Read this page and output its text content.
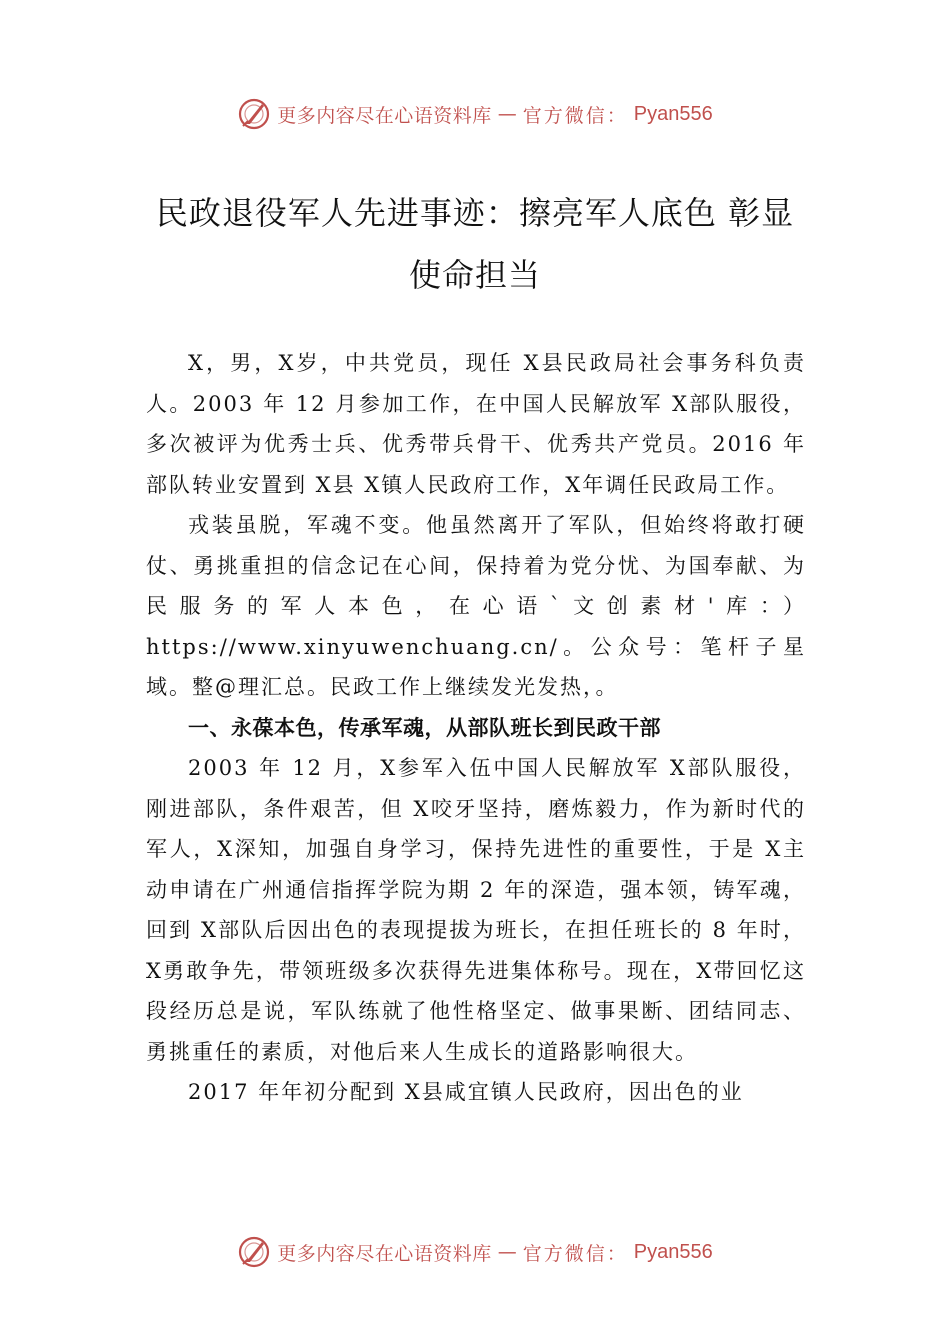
更多内容尽在心语资料库 — 官方微信： Pyan556
民政退役军人先进事迹：擦亮军人底色 彰显使命担当

X，男，X岁，中共党员，现任 X县民政局社会事务科负责人。2003 年 12 月参加工作，在中国人民解放军 X部队服役，多次被评为优秀士兵、优秀带兵骨干、优秀共产党员。2016 年部队转业安置到 X县 X镇人民政府工作，X年调任民政局工作。

戎装虽脱，军魂不变。他虽然离开了军队，但始终将敢打硬仗、勇挑重担的信念记在心间，保持着为党分忧、为国奉献、为民服务的军人本色，在心语`文创素材'库：）https://www.xinyuwenchuang.cn/。公众号：笔杆子星域。整@理汇总。民政工作上继续发光发热，。

一、永葆本色，传承军魂，从部队班长到民政干部

2003 年 12 月，X参军入伍中国人民解放军 X部队服役，刚进部队，条件艰苦，但 X咬牙坚持，磨炼毅力，作为新时代的军人，X深知，加强自身学习，保持先进性的重要性，于是 X主动申请在广州通信指挥学院为期 2 年的深造，强本领，铸军魂，回到 X部队后因出色的表现提拔为班长，在担任班长的 8 年时，X勇敢争先，带领班级多次获得先进集体称号。现在，X带回忆这段经历总是说，军队练就了他性格坚定、做事果断、团结同志、勇挑重任的素质，对他后来人生成长的道路影响很大。

2017 年年初分配到 X县咸宜镇人民政府，因出色的业

更多内容尽在心语资料库 — 官方微信： Pyan556
